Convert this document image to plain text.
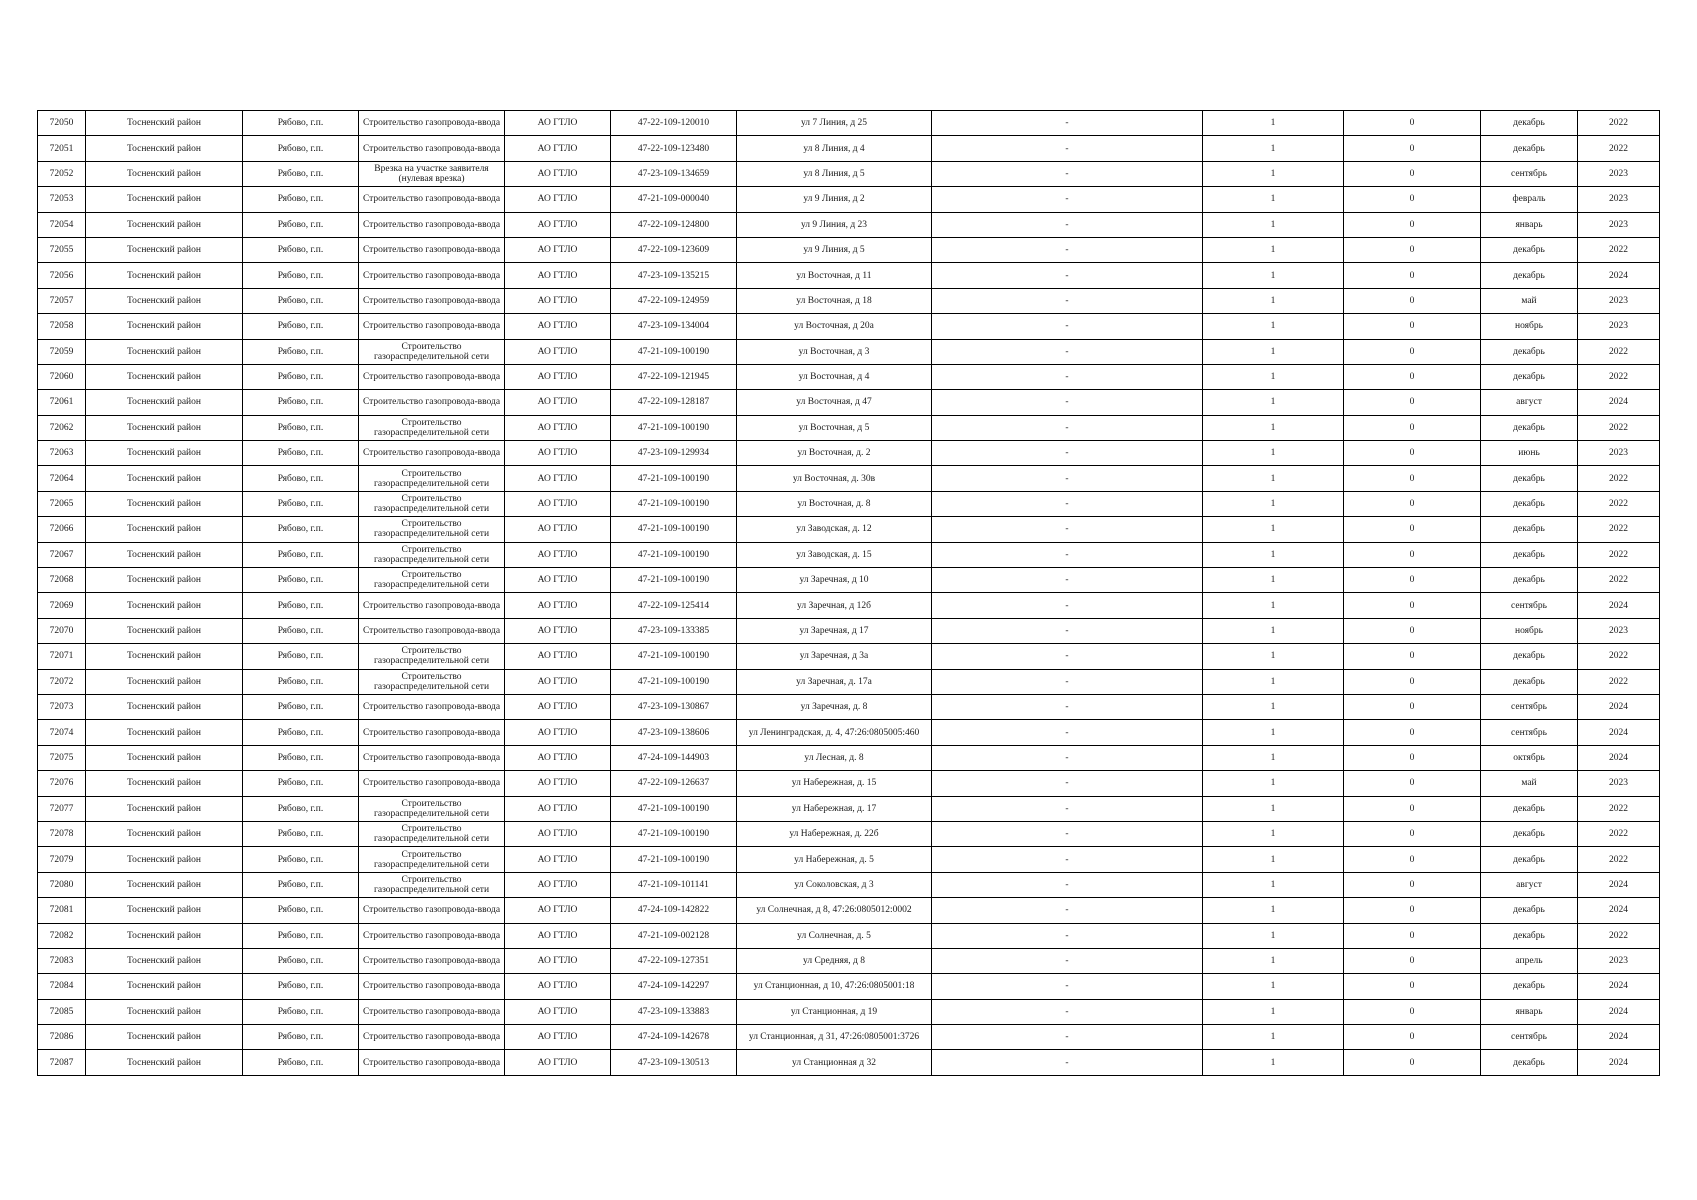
72050	Тосненский район	Рябово, г.п.	Строительство газопровода-ввода	АО ГТЛО	47-22-109-120010	ул 7 Линия, д 25	-	1	0	декабрь	2022
72051	Тосненский район	Рябово, г.п.	Строительство газопровода-ввода	АО ГТЛО	47-22-109-123480	ул 8 Линия, д 4	-	1	0	декабрь	2022
72052	Тосненский район	Рябово, г.п.	Врезка на участке заявителя (нулевая врезка)	АО ГТЛО	47-23-109-134659	ул 8 Линия, д 5	-	1	0	сентябрь	2023
72053	Тосненский район	Рябово, г.п.	Строительство газопровода-ввода	АО ГТЛО	47-21-109-000040	ул 9 Линия, д 2	-	1	0	февраль	2023
72054	Тосненский район	Рябово, г.п.	Строительство газопровода-ввода	АО ГТЛО	47-22-109-124800	ул 9 Линия, д 23	-	1	0	январь	2023
72055	Тосненский район	Рябово, г.п.	Строительство газопровода-ввода	АО ГТЛО	47-22-109-123609	ул 9 Линия, д 5	-	1	0	декабрь	2022
72056	Тосненский район	Рябово, г.п.	Строительство газопровода-ввода	АО ГТЛО	47-23-109-135215	ул Восточная, д 11	-	1	0	декабрь	2024
72057	Тосненский район	Рябово, г.п.	Строительство газопровода-ввода	АО ГТЛО	47-22-109-124959	ул Восточная, д 18	-	1	0	май	2023
72058	Тосненский район	Рябово, г.п.	Строительство газопровода-ввода	АО ГТЛО	47-23-109-134004	ул Восточная, д 20а	-	1	0	ноябрь	2023
72059	Тосненский район	Рябово, г.п.	Строительство газораспределительной сети	АО ГТЛО	47-21-109-100190	ул Восточная, д 3	-	1	0	декабрь	2022
72060	Тосненский район	Рябово, г.п.	Строительство газопровода-ввода	АО ГТЛО	47-22-109-121945	ул Восточная, д 4	-	1	0	декабрь	2022
72061	Тосненский район	Рябово, г.п.	Строительство газопровода-ввода	АО ГТЛО	47-22-109-128187	ул Восточная, д 47	-	1	0	август	2024
72062	Тосненский район	Рябово, г.п.	Строительство газораспределительной сети	АО ГТЛО	47-21-109-100190	ул Восточная, д 5	-	1	0	декабрь	2022
72063	Тосненский район	Рябово, г.п.	Строительство газопровода-ввода	АО ГТЛО	47-23-109-129934	ул Восточная, д. 2	-	1	0	июнь	2023
72064	Тосненский район	Рябово, г.п.	Строительство газораспределительной сети	АО ГТЛО	47-21-109-100190	ул Восточная, д. 30в	-	1	0	декабрь	2022
72065	Тосненский район	Рябово, г.п.	Строительство газораспределительной сети	АО ГТЛО	47-21-109-100190	ул Восточная, д. 8	-	1	0	декабрь	2022
72066	Тосненский район	Рябово, г.п.	Строительство газораспределительной сети	АО ГТЛО	47-21-109-100190	ул Заводская, д. 12	-	1	0	декабрь	2022
72067	Тосненский район	Рябово, г.п.	Строительство газораспределительной сети	АО ГТЛО	47-21-109-100190	ул Заводская, д. 15	-	1	0	декабрь	2022
72068	Тосненский район	Рябово, г.п.	Строительство газораспределительной сети	АО ГТЛО	47-21-109-100190	ул Заречная, д 10	-	1	0	декабрь	2022
72069	Тосненский район	Рябово, г.п.	Строительство газопровода-ввода	АО ГТЛО	47-22-109-125414	ул Заречная, д 12б	-	1	0	сентябрь	2024
72070	Тосненский район	Рябово, г.п.	Строительство газопровода-ввода	АО ГТЛО	47-23-109-133385	ул Заречная, д 17	-	1	0	ноябрь	2023
72071	Тосненский район	Рябово, г.п.	Строительство газораспределительной сети	АО ГТЛО	47-21-109-100190	ул Заречная, д 3а	-	1	0	декабрь	2022
72072	Тосненский район	Рябово, г.п.	Строительство газораспределительной сети	АО ГТЛО	47-21-109-100190	ул Заречная, д. 17а	-	1	0	декабрь	2022
72073	Тосненский район	Рябово, г.п.	Строительство газопровода-ввода	АО ГТЛО	47-23-109-130867	ул Заречная, д. 8	-	1	0	сентябрь	2024
72074	Тосненский район	Рябово, г.п.	Строительство газопровода-ввода	АО ГТЛО	47-23-109-138606	ул Ленинградская, д. 4, 47:26:0805005:460	-	1	0	сентябрь	2024
72075	Тосненский район	Рябово, г.п.	Строительство газопровода-ввода	АО ГТЛО	47-24-109-144903	ул Лесная, д. 8	-	1	0	октябрь	2024
72076	Тосненский район	Рябово, г.п.	Строительство газопровода-ввода	АО ГТЛО	47-22-109-126637	ул Набережная, д. 15	-	1	0	май	2023
72077	Тосненский район	Рябово, г.п.	Строительство газораспределительной сети	АО ГТЛО	47-21-109-100190	ул Набережная, д. 17	-	1	0	декабрь	2022
72078	Тосненский район	Рябово, г.п.	Строительство газораспределительной сети	АО ГТЛО	47-21-109-100190	ул Набережная, д. 22б	-	1	0	декабрь	2022
72079	Тосненский район	Рябово, г.п.	Строительство газораспределительной сети	АО ГТЛО	47-21-109-100190	ул Набережная, д. 5	-	1	0	декабрь	2022
72080	Тосненский район	Рябово, г.п.	Строительство газораспределительной сети	АО ГТЛО	47-21-109-101141	ул Соколовская, д 3	-	1	0	август	2024
72081	Тосненский район	Рябово, г.п.	Строительство газопровода-ввода	АО ГТЛО	47-24-109-142822	ул Солнечная, д 8, 47:26:0805012:0002	-	1	0	декабрь	2024
72082	Тосненский район	Рябово, г.п.	Строительство газопровода-ввода	АО ГТЛО	47-21-109-002128	ул Солнечная, д. 5	-	1	0	декабрь	2022
72083	Тосненский район	Рябово, г.п.	Строительство газопровода-ввода	АО ГТЛО	47-22-109-127351	ул Средняя, д 8	-	1	0	апрель	2023
72084	Тосненский район	Рябово, г.п.	Строительство газопровода-ввода	АО ГТЛО	47-24-109-142297	ул Станционная, д 10, 47:26:0805001:18	-	1	0	декабрь	2024
72085	Тосненский район	Рябово, г.п.	Строительство газопровода-ввода	АО ГТЛО	47-23-109-133883	ул Станционная, д 19	-	1	0	январь	2024
72086	Тосненский район	Рябово, г.п.	Строительство газопровода-ввода	АО ГТЛО	47-24-109-142678	ул Станционная, д 31, 47:26:0805001:3726	-	1	0	сентябрь	2024
72087	Тосненский район	Рябово, г.п.	Строительство газопровода-ввода	АО ГТЛО	47-23-109-130513	ул Станционная д 32	-	1	0	декабрь	2024
